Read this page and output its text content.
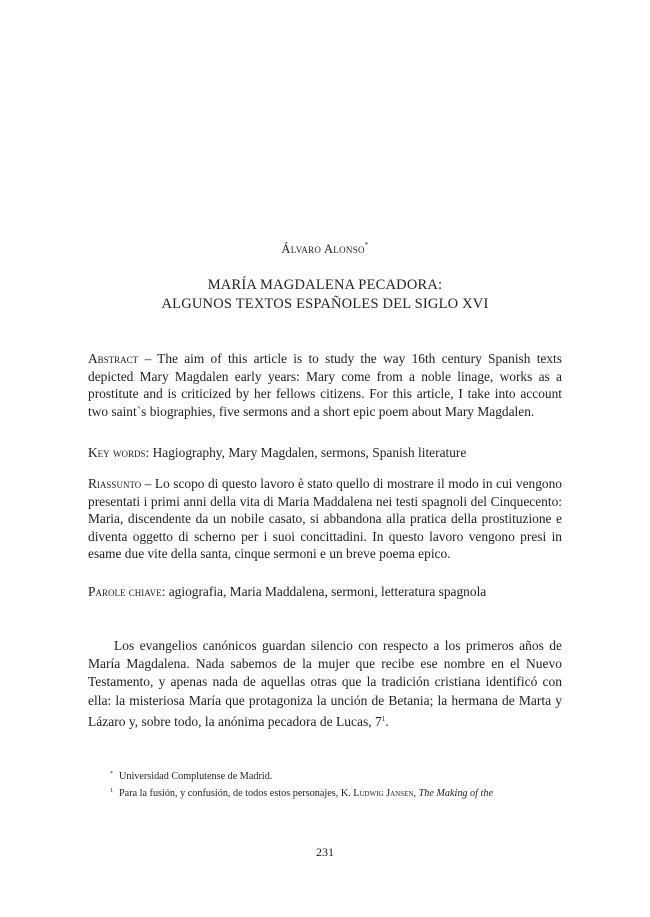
Álvaro Alonso*
MARÍA MAGDALENA PECADORA:
ALGUNOS TEXTOS ESPAÑOLES DEL SIGLO XVI
Abstract – The aim of this article is to study the way 16th century Spanish texts depicted Mary Magdalen early years: Mary come from a noble linage, works as a prostitute and is criticized by her fellows citizens. For this article, I take into account two saint`s biographies, five sermons and a short epic poem about Mary Magdalen.
Key words: Hagiography, Mary Magdalen, sermons, Spanish literature
Riassunto – Lo scopo di questo lavoro è stato quello di mostrare il modo in cui vengono presentati i primi anni della vita di Maria Maddalena nei testi spagnoli del Cinquecento: Maria, discendente da un nobile casato, si abbandona alla pratica della prostituzione e diventa oggetto di scherno per i suoi concittadini. In questo lavoro vengono presi in esame due vite della santa, cinque sermoni e un breve poema epico.
Parole chiave: agiografia, Maria Maddalena, sermoni, letteratura spagnola
Los evangelios canónicos guardan silencio con respecto a los primeros años de María Magdalena. Nada sabemos de la mujer que recibe ese nombre en el Nuevo Testamento, y apenas nada de aquellas otras que la tradición cristiana identificó con ella: la misteriosa María que protagoniza la unción de Betania; la hermana de Marta y Lázaro y, sobre todo, la anónima pecadora de Lucas, $7^1$.
* Universidad Complutense de Madrid.
$^1$ Para la fusión, y confusión, de todos estos personajes, K. Ludwig Jansen, The Making of the
231
